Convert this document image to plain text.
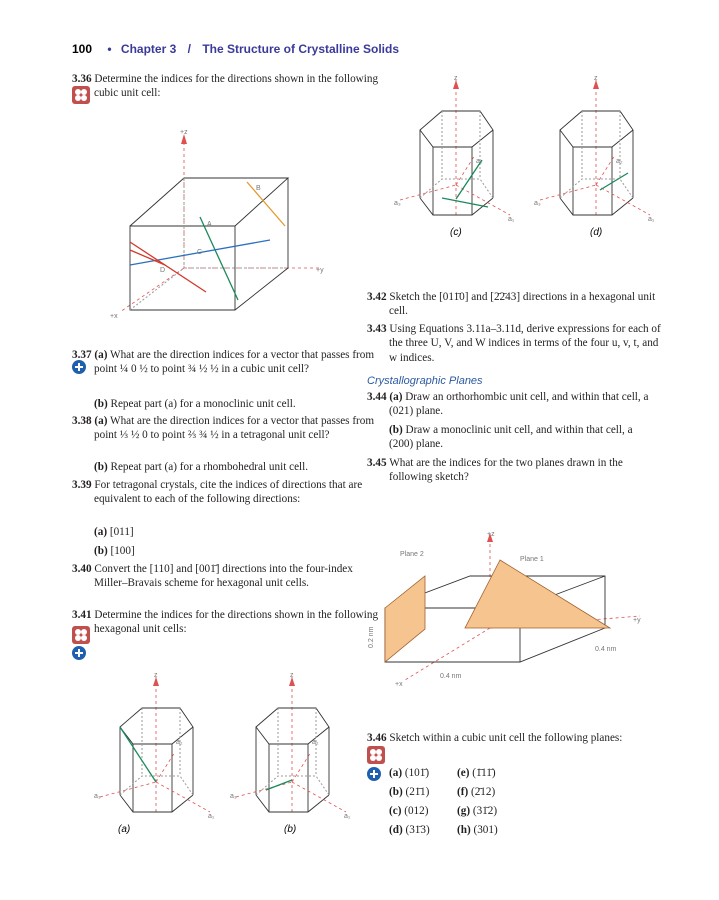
100 • Chapter 3 / The Structure of Crystalline Solids
3.36 Determine the indices for the directions shown in the following cubic unit cell:
3.37 (a) What are the direction indices for a vector that passes from point ¼ 0 ½ to point ¾ ½ ½ in a cubic unit cell?
(b) Repeat part (a) for a monoclinic unit cell.
3.38 (a) What are the direction indices for a vector that passes from point ⅓ ½ 0 to point ⅔ ¾ ½ in a tetragonal unit cell?
(b) Repeat part (a) for a rhombohedral unit cell.
3.39 For tetragonal crystals, cite the indices of directions that are equivalent to each of the following directions:
(a) [011]
(b) [100]
3.40 Convert the [110] and [001̄] directions into the four-index Miller–Bravais scheme for hexagonal unit cells.
3.41 Determine the indices for the directions shown in the following hexagonal unit cells:
3.42 Sketch the [011̄0] and [2̄2̄43] directions in a hexagonal unit cell.
3.43 Using Equations 3.11a–3.11d, derive expressions for each of the three U, V, and W indices in terms of the four u, v, t, and w indices.
Crystallographic Planes
3.44 (a) Draw an orthorhombic unit cell, and within that cell, a (021) plane.
(b) Draw a monoclinic unit cell, and within that cell, a (200) plane.
3.45 What are the indices for the two planes drawn in the following sketch?
3.46 Sketch within a cubic unit cell the following planes:
(a) (101̄) (e) (1̄11̄)
(b) (21̄1) (f) (2̄12)
(c) (012)	(g) (31̄2)
(d) (31̄3) (h) (301)
+z
+y
+x
A
B
C
D
z
a₂
a₃
a₁
(c)
z
a₂
a₃
a₁
(d)
z
a₂
a₃
a₁
(a)
z
a₂
a₃
a₁
(b)
+z
+y
+x
Plane 2
Plane 1
0.4 nm
0.4 nm
0.2 nm
